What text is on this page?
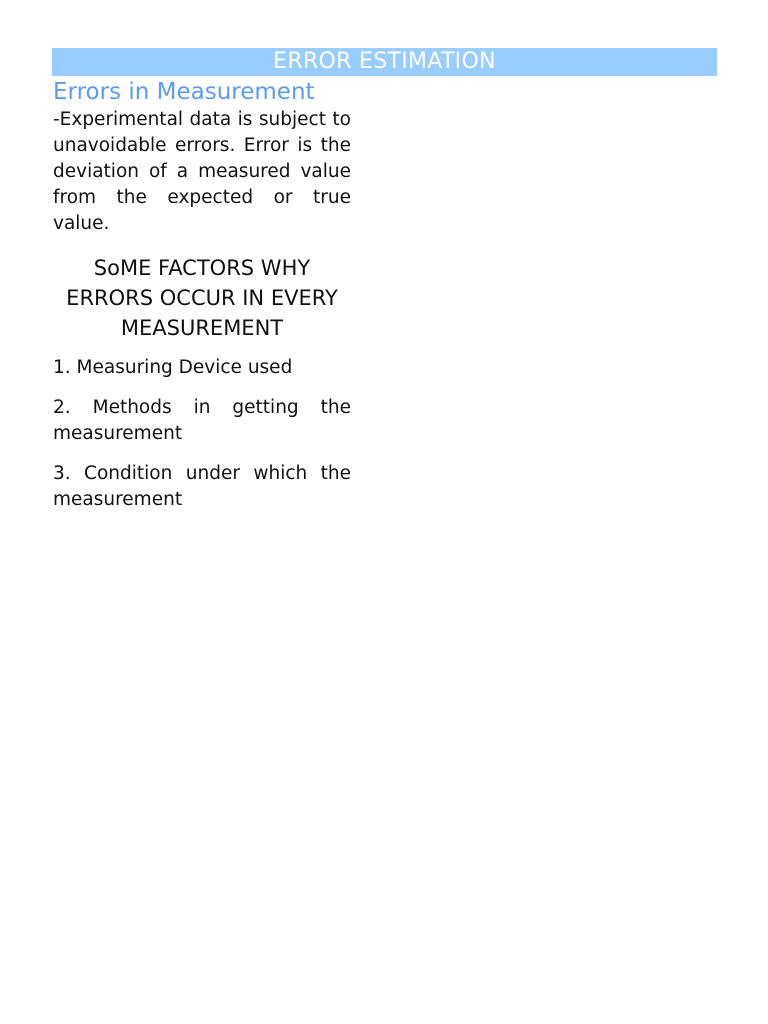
ERROR ESTIMATION
Errors in Measurement

-Experimental data is subject to unavoidable errors. Error is the deviation of a measured value from the expected or true value.

SoME FACTORS WHY ERRORS OCCUR IN EVERY MEASUREMENT

1. Measuring Device used

2. Methods in getting the measurement

3. Condition under which the measurement
